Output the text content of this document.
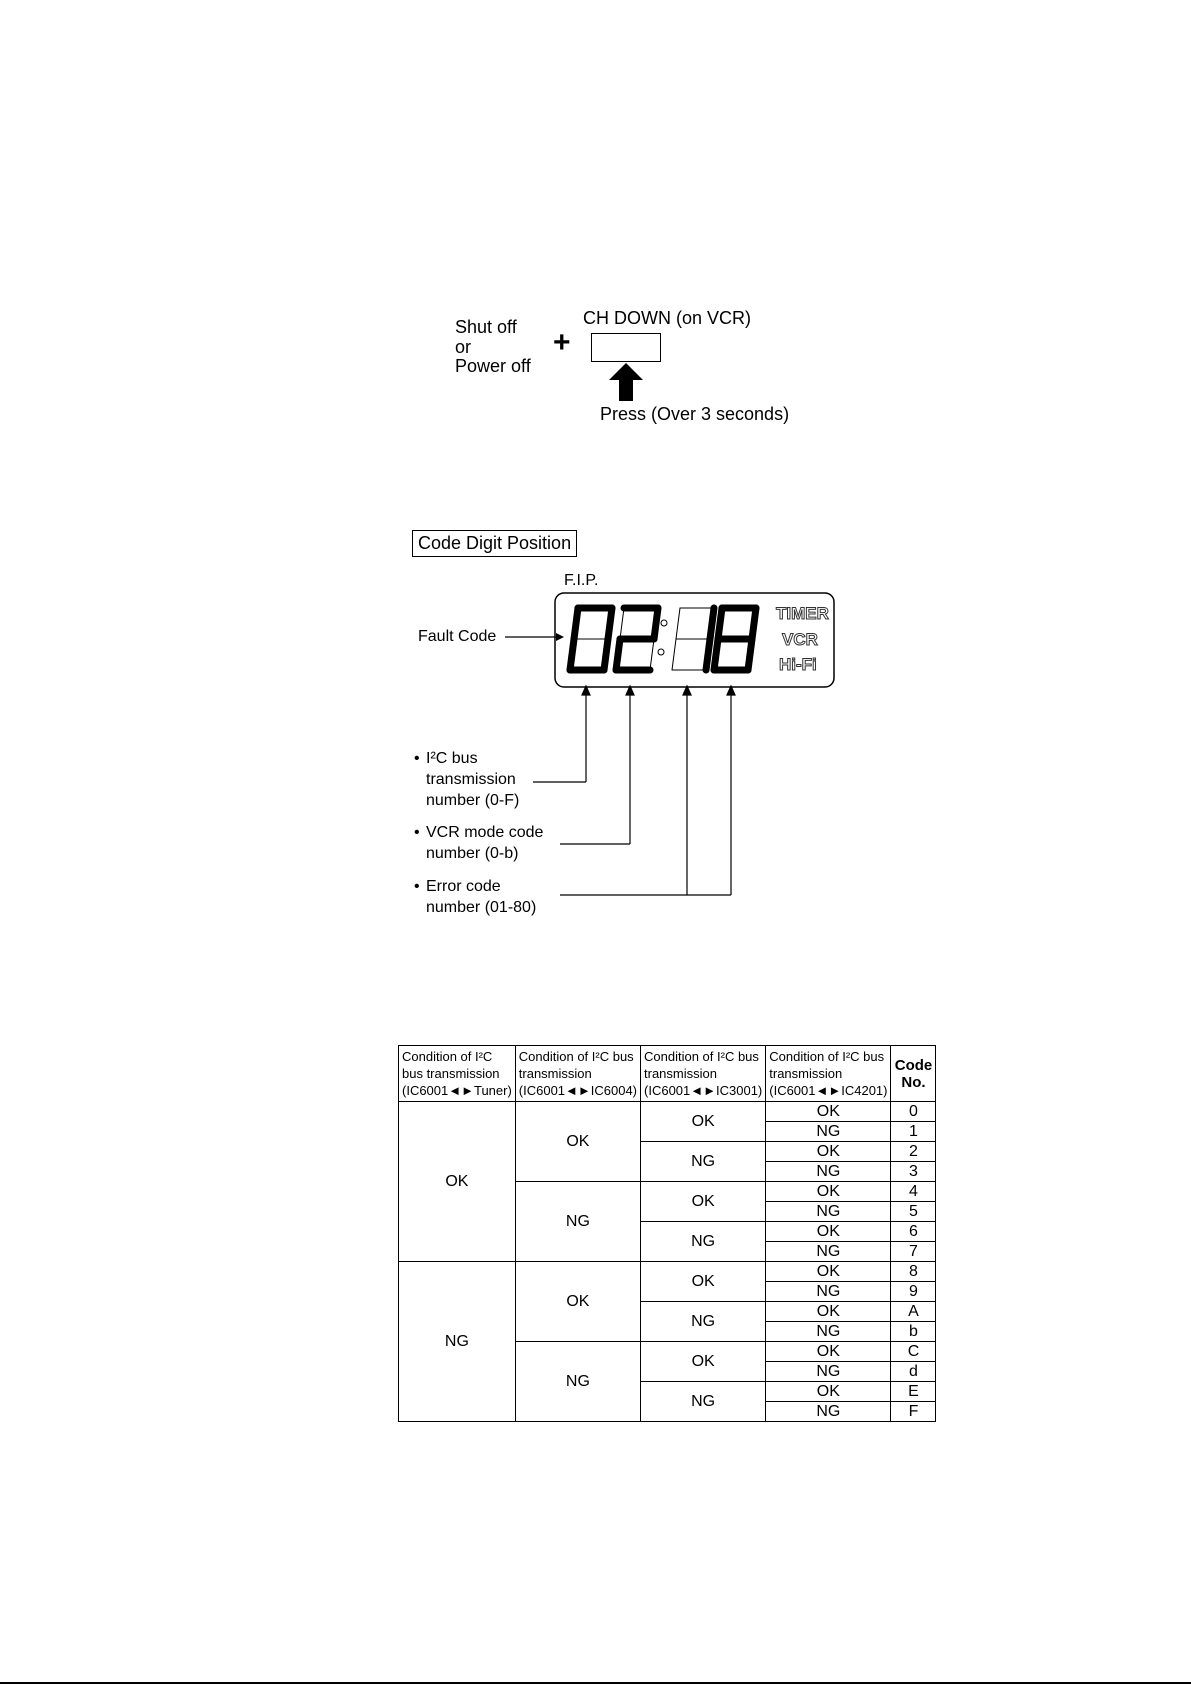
Shut off
or
Power off
+
CH DOWN (on VCR)
Press (Over 3 seconds)
Code Digit Position
F.I.P.
Fault Code
TIMER
VCR
Hi-Fi
• I²C bus
transmission
number (0-F)
• VCR mode code
number (0-b)
• Error code
number (01-80)
Condition of I²C bus transmission (IC6001◄►Tuner)	Condition of I²C bus transmission (IC6001◄►IC6004)	Condition of I²C bus transmission (IC6001◄►IC3001)	Condition of I²C bus transmission (IC6001◄►IC4201)	Code No.
OK	OK	OK	OK	0
			NG	1
		NG	OK	2
			NG	3
	NG	OK	OK	4
			NG	5
		NG	OK	6
			NG	7
NG	OK	OK	OK	8
			NG	9
		NG	OK	A
			NG	b
	NG	OK	OK	C
			NG	d
		NG	OK	E
			NG	F
